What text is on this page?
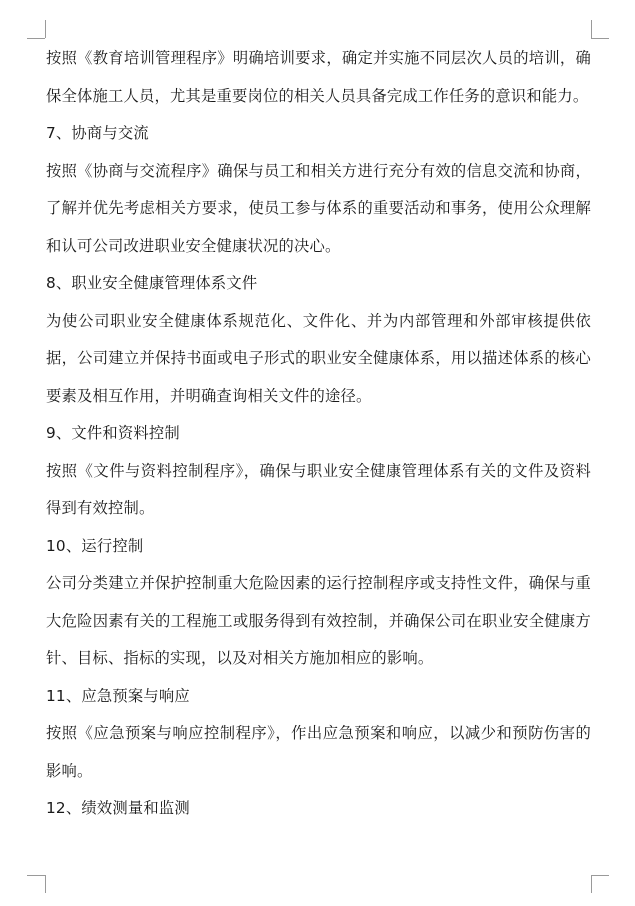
按照《教育培训管理程序》明确培训要求，确定并实施不同层次人员的培训，确保全体施工人员，尤其是重要岗位的相关人员具备完成工作任务的意识和能力。

7、协商与交流

按照《协商与交流程序》确保与员工和相关方进行充分有效的信息交流和协商，了解并优先考虑相关方要求，使员工参与体系的重要活动和事务，使用公众理解和认可公司改进职业安全健康状况的决心。

8、职业安全健康管理体系文件

为使公司职业安全健康体系规范化、文件化、并为内部管理和外部审核提供依据，公司建立并保持书面或电子形式的职业安全健康体系，用以描述体系的核心要素及相互作用，并明确查询相关文件的途径。

9、文件和资料控制

按照《文件与资料控制程序》，确保与职业安全健康管理体系有关的文件及资料得到有效控制。

10、运行控制

公司分类建立并保护控制重大危险因素的运行控制程序或支持性文件，确保与重大危险因素有关的工程施工或服务得到有效控制，并确保公司在职业安全健康方针、目标、指标的实现，以及对相关方施加相应的影响。

11、应急预案与响应

按照《应急预案与响应控制程序》，作出应急预案和响应，以减少和预防伤害的影响。

12、绩效测量和监测
